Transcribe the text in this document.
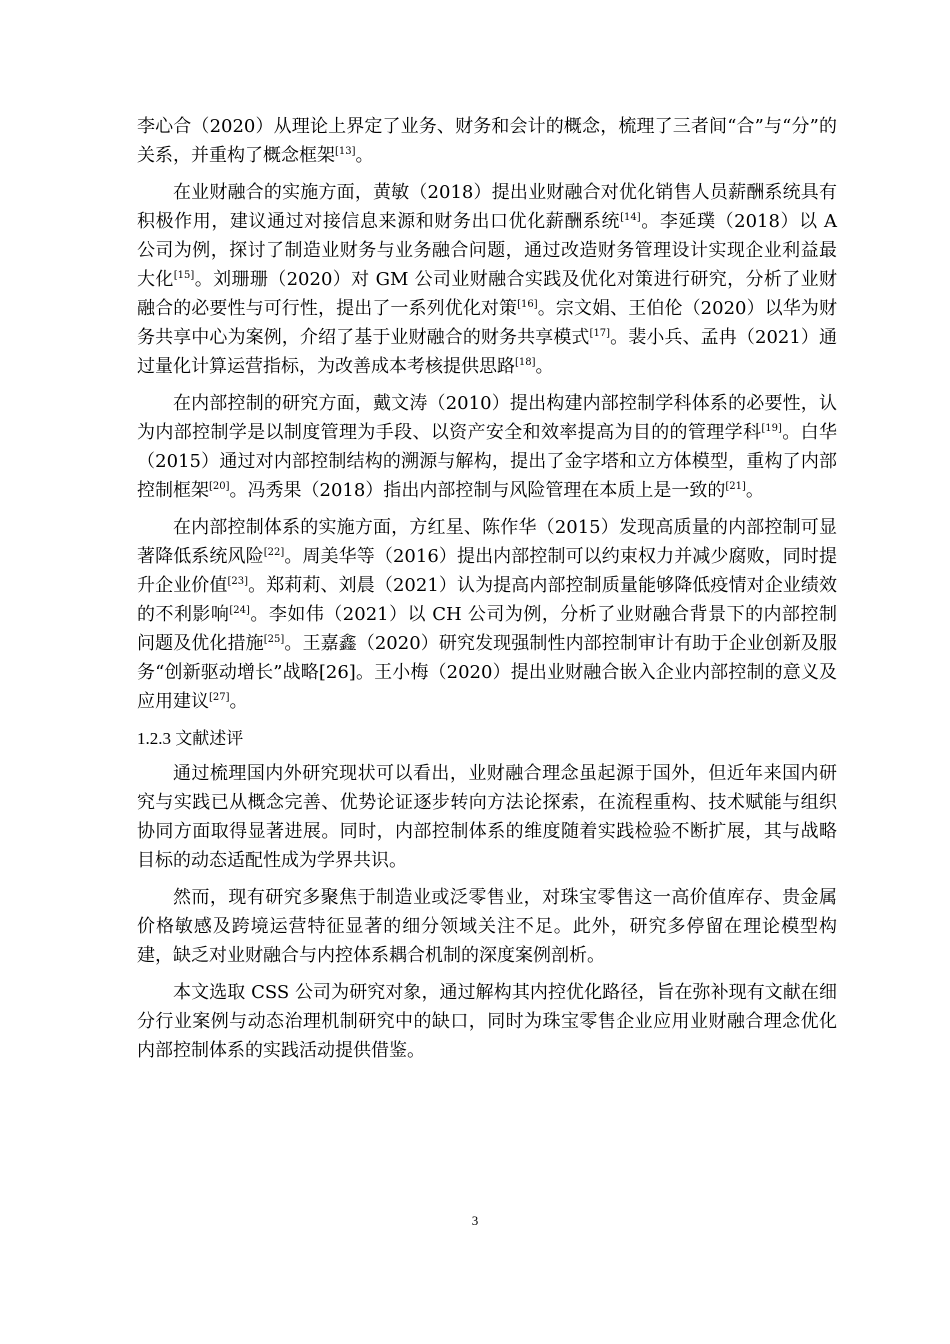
李心合（2020）从理论上界定了业务、财务和会计的概念，梳理了三者间“合”与“分”的关系，并重构了概念框架[13]。

在业财融合的实施方面，黄敏（2018）提出业财融合对优化销售人员薪酬系统具有积极作用，建议通过对接信息来源和财务出口优化薪酬系统[14]。李延璞（2018）以 A 公司为例，探讨了制造业财务与业务融合问题，通过改造财务管理设计实现企业利益最大化[15]。刘珊珊（2020）对 GM 公司业财融合实践及优化对策进行研究，分析了业财融合的必要性与可行性，提出了一系列优化对策[16]。宗文娟、王伯伦（2020）以华为财务共享中心为案例，介绍了基于业财融合的财务共享模式[17]。裴小兵、孟冉（2021）通过量化计算运营指标，为改善成本考核提供思路[18]。

在内部控制的研究方面，戴文涛（2010）提出构建内部控制学科体系的必要性，认为内部控制学是以制度管理为手段、以资产安全和效率提高为目的的管理学科[19]。白华（2015）通过对内部控制结构的溯源与解构，提出了金字塔和立方体模型，重构了内部控制框架[20]。冯秀果（2018）指出内部控制与风险管理在本质上是一致的[21]。

在内部控制体系的实施方面，方红星、陈作华（2015）发现高质量的内部控制可显著降低系统风险[22]。周美华等（2016）提出内部控制可以约束权力并减少腐败，同时提升企业价值[23]。郑莉莉、刘晨（2021）认为提高内部控制质量能够降低疫情对企业绩效的不利影响[24]。李如伟（2021）以 CH 公司为例，分析了业财融合背景下的内部控制问题及优化措施[25]。王嘉鑫（2020）研究发现强制性内部控制审计有助于企业创新及服务“创新驱动增长”战略[26]。王小梅（2020）提出业财融合嵌入企业内部控制的意义及应用建议[27]。

1.2.3 文献述评

通过梳理国内外研究现状可以看出，业财融合理念虽起源于国外，但近年来国内研究与实践已从概念完善、优势论证逐步转向方法论探索，在流程重构、技术赋能与组织协同方面取得显著进展。同时，内部控制体系的维度随着实践检验不断扩展，其与战略目标的动态适配性成为学界共识。

然而，现有研究多聚焦于制造业或泛零售业，对珠宝零售这一高价值库存、贵金属价格敏感及跨境运营特征显著的细分领域关注不足。此外，研究多停留在理论模型构建，缺乏对业财融合与内控体系耦合机制的深度案例剖析。

本文选取 CSS 公司为研究对象，通过解构其内控优化路径，旨在弥补现有文献在细分行业案例与动态治理机制研究中的缺口，同时为珠宝零售企业应用业财融合理念优化内部控制体系的实践活动提供借鉴。

3
